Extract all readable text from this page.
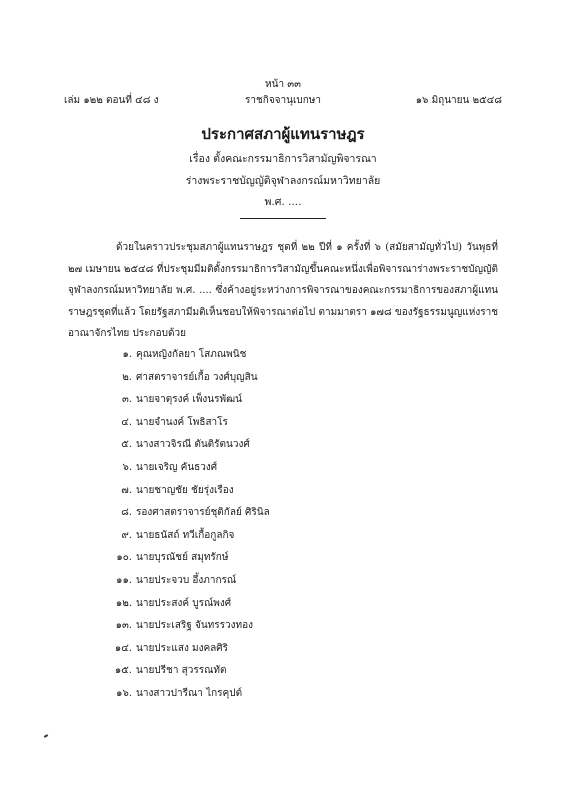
หน้า ๓๓
ราชกิจจานุเบกษา
เล่ม ๑๒๒ ตอนที่ ๔๘ ง	๑๖ มิถุนายน ๒๕๔๘
ประกาศสภาผู้แทนราษฎร
เรื่อง ตั้งคณะกรรมาธิการวิสามัญพิจารณา
ร่างพระราชบัญญัติจุฬาลงกรณ์มหาวิทยาลัย
พ.ศ. ....
ด้วยในคราวประชุมสภาผู้แทนราษฎร ชุดที่ ๒๒ ปีที่ ๑ ครั้งที่ ๖ (สมัยสามัญทั่วไป) วันพุธที่ ๒๗ เมษายน ๒๕๔๘ ที่ประชุมมีมติตั้งกรรมาธิการวิสามัญขึ้นคณะหนึ่งเพื่อพิจารณาร่างพระราชบัญญัติจุฬาลงกรณ์มหาวิทยาลัย พ.ศ. .... ซึ่งค้างอยู่ระหว่างการพิจารณาของคณะกรรมาธิการของสภาผู้แทนราษฎรชุดที่แล้ว โดยรัฐสภามีมติเห็นชอบให้พิจารณาต่อไป ตามมาตรา ๑๗๘ ของรัฐธรรมนูญแห่งราชอาณาจักรไทย ประกอบด้วย
๑. คุณหญิงกัลยา โสภณพนิช
๒. ศาสตราจารย์เกื้อ วงศ์บุญสิน
๓. นายจาตุรงค์ เพ็งนรพัฒน์
๔. นายจำนงค์ โพธิสาโร
๕. นางสาวจิรณี ตันติรัตนวงศ์
๖. นายเจริญ คันธวงศ์
๗. นายชาญชัย ชัยรุ่งเรือง
๘. รองศาสตราจารย์ชุติกัลย์ ศิรินิล
๙. นายธนัสถ์ ทวีเกื้อกูลกิจ
๑๐. นายบุรณัชย์ สมุทรักษ์
๑๑. นายประจวบ อึ้งภากรณ์
๑๒. นายประสงค์ บูรณ์พงศ์
๑๓. นายประเสริฐ จันทรรวงทอง
๑๔. นายประแสง มงคลศิริ
๑๕. นายปรีชา สุวรรณทัต
๑๖. นางสาวปารีณา ไกรคุปต์
